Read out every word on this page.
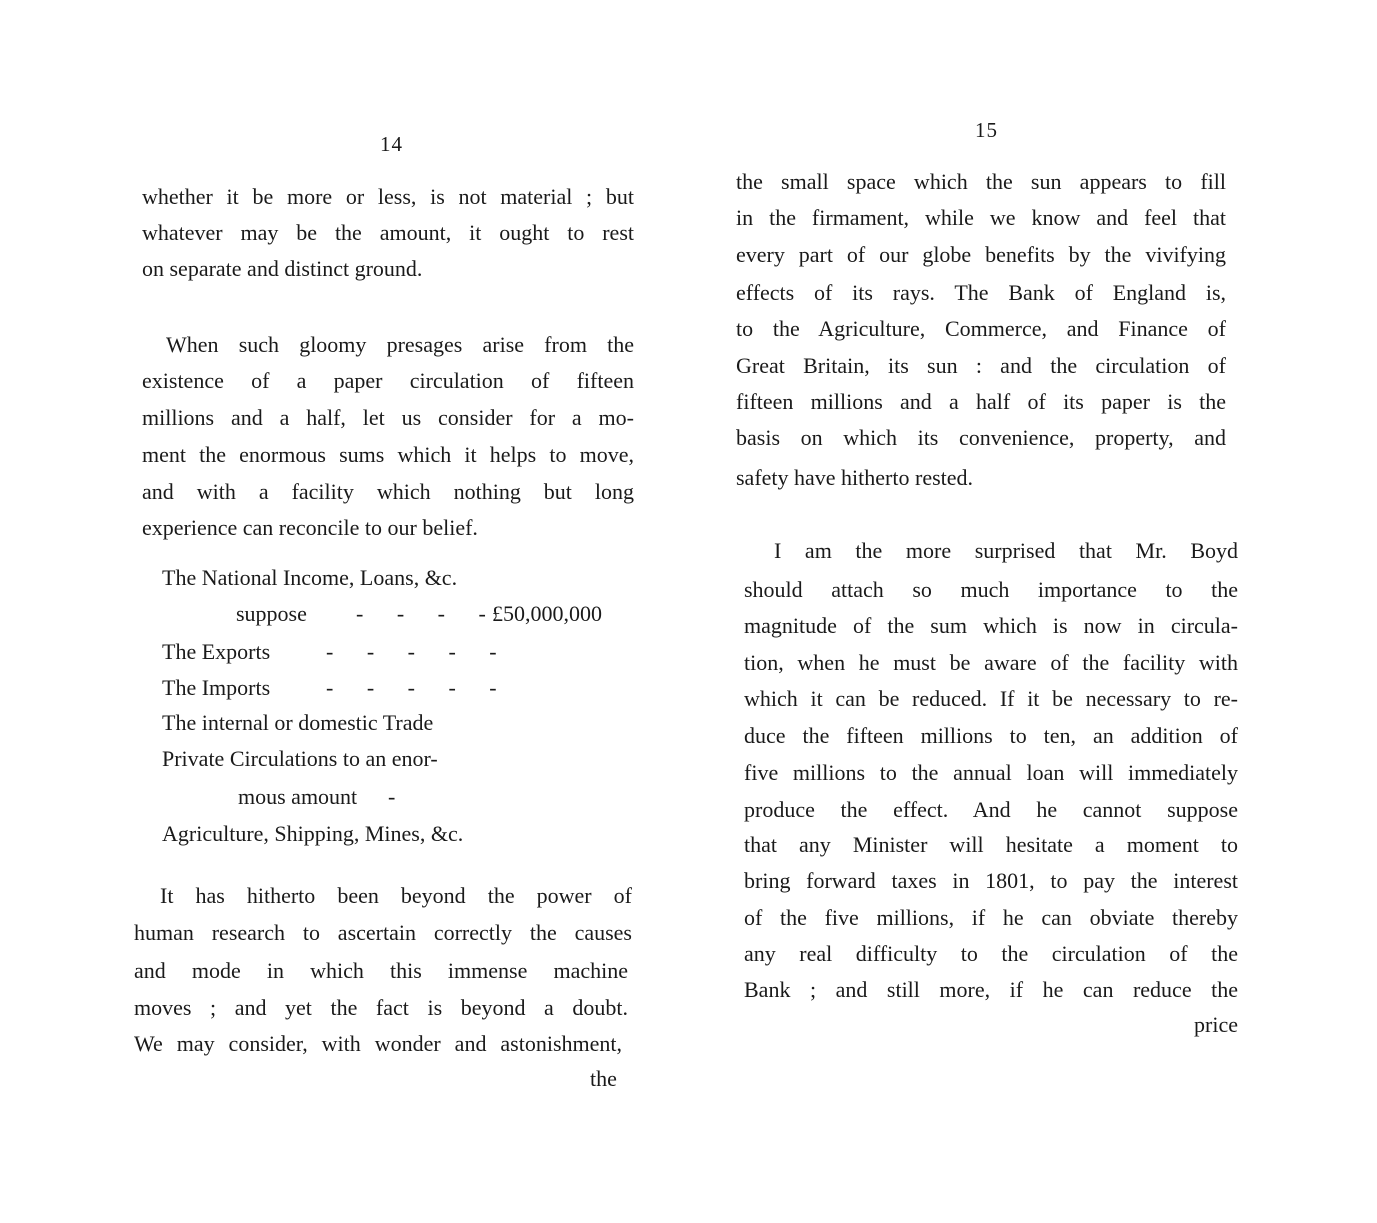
14
whether it be more or less, is not material ; but
whatever may be the amount, it ought to rest
on separate and distinct ground.
When such gloomy presages arise from the
existence of a paper circulation of fifteen
millions and a half, let us consider for a mo-
ment the enormous sums which it helps to move,
and with a facility which nothing but long
experience can reconcile to our belief.
The National Income, Loans, &c.
suppose - - - -
£50,000,000
The Exports	- - - - -
The Imports	- - - - -
The internal or domestic Trade
Private Circulations to an enor-
mous amount -
Agriculture, Shipping, Mines, &c.
It has hitherto been beyond the power of
human research to ascertain correctly the causes
and mode in which this immense machine
moves ; and yet the fact is beyond a doubt.
We may consider, with wonder and astonishment,
the
15
the small space which the sun appears to fill
in the firmament, while we know and feel that
every part of our globe benefits by the vivifying
effects of its rays. The Bank of England is,
to the Agriculture, Commerce, and Finance of
Great Britain, its sun : and the circulation of
fifteen millions and a half of its paper is the
basis on which its convenience, property, and
safety have hitherto rested.
I am the more surprised that Mr. Boyd
should attach so much importance to the
magnitude of the sum which is now in circula-
tion, when he must be aware of the facility with
which it can be reduced. If it be necessary to re-
duce the fifteen millions to ten, an addition of
five millions to the annual loan will immediately
produce the effect. And he cannot suppose
that any Minister will hesitate a moment to
bring forward taxes in 1801, to pay the interest
of the five millions, if he can obviate thereby
any real difficulty to the circulation of the
Bank ; and still more, if he can reduce the
price
